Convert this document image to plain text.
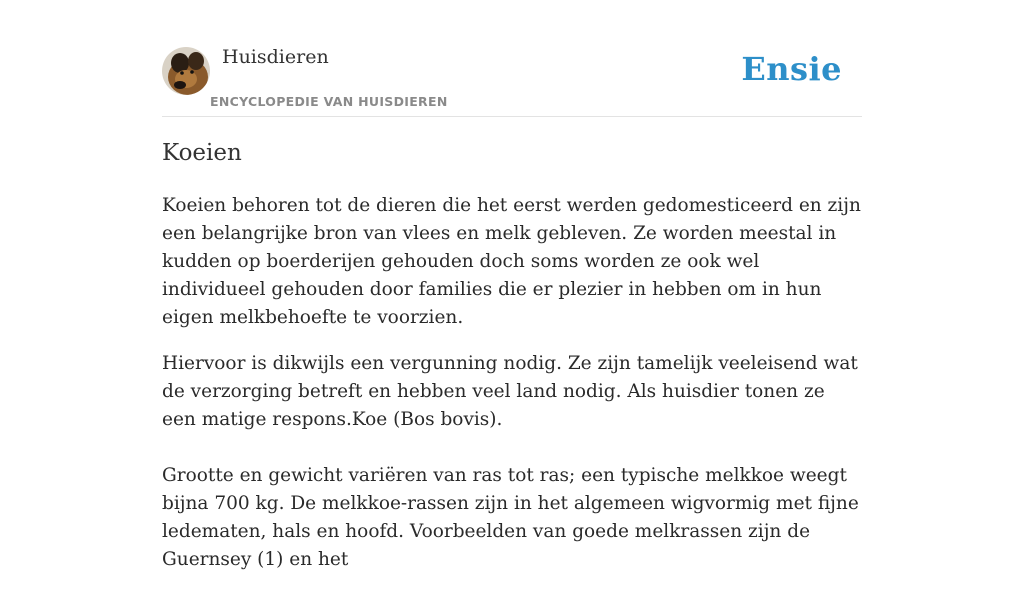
Huisdieren
ENCYCLOPEDIE VAN HUISDIEREN
Ensie
Koeien

Koeien behoren tot de dieren die het eerst werden gedomesticeerd en zijn een belangrijke bron van vlees en melk gebleven. Ze worden meestal in kudden op boerderijen gehouden doch soms worden ze ook wel individueel gehouden door families die er plezier in hebben om in hun eigen melkbehoefte te voorzien.

Hiervoor is dikwijls een vergunning nodig. Ze zijn tamelijk veeleisend wat de verzorging betreft en hebben veel land nodig. Als huisdier tonen ze een matige respons.Koe (Bos bovis).

Grootte en gewicht variëren van ras tot ras; een typische melkkoe weegt bijna 700 kg. De melkkoe-rassen zijn in het algemeen wigvormig met fijne ledematen, hals en hoofd. Voorbeelden van goede melkrassen zijn de Guernsey (1) en het
